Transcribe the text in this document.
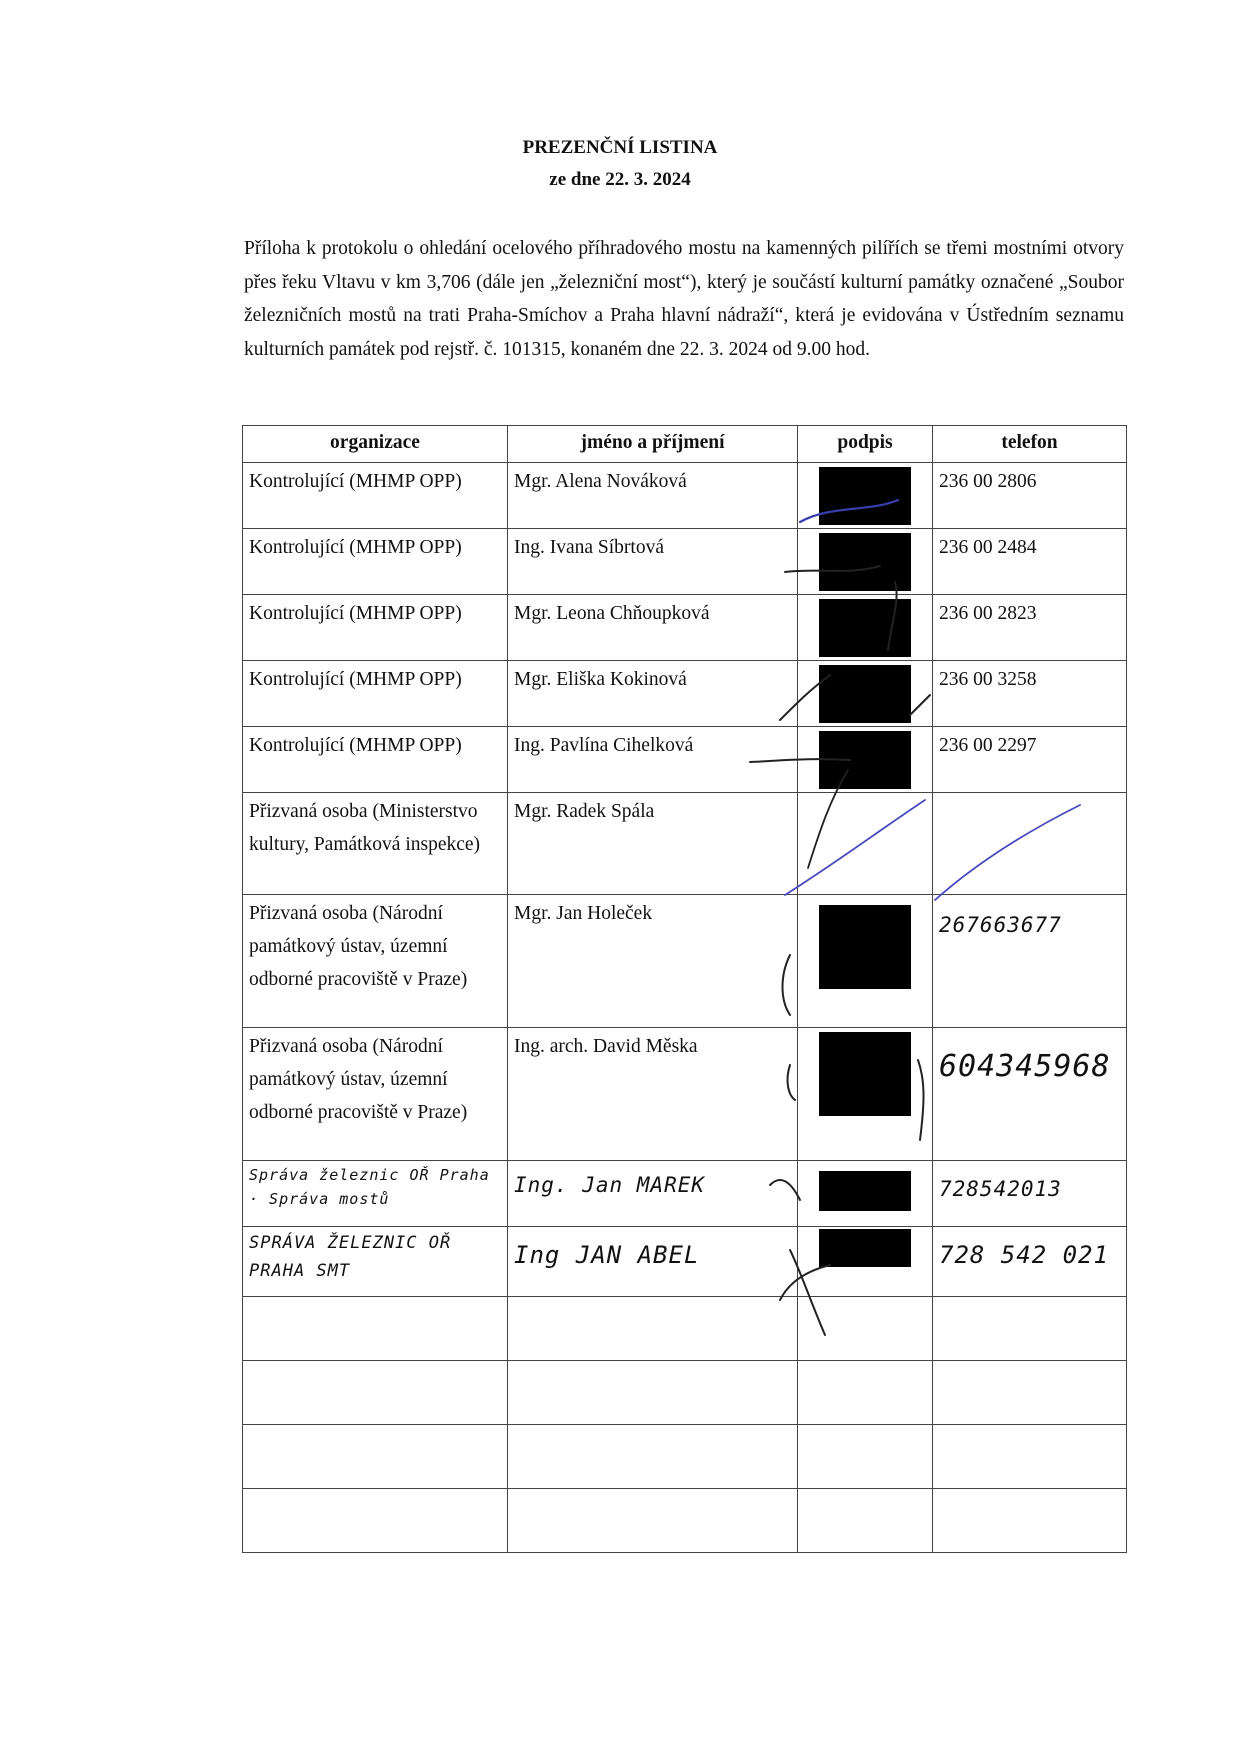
PREZENČNÍ LISTINA
ze dne 22. 3. 2024
Příloha k protokolu o ohledání ocelového příhradového mostu na kamenných pilířích se třemi mostními otvory přes řeku Vltavu v km 3,706 (dále jen „železniční most“), který je součástí kulturní památky označené „Soubor železničních mostů na trati Praha-Smíchov a Praha hlavní nádraží“, která je evidována v Ústředním seznamu kulturních památek pod rejstř. č. 101315, konaném dne 22. 3. 2024 od 9.00 hod.
organizace	jméno a příjmení	podpis	telefon
Kontrolující (MHMP OPP)	Mgr. Alena Nováková		236 00 2806
Kontrolující (MHMP OPP)	Ing. Ivana Síbrtová		236 00 2484
Kontrolující (MHMP OPP)	Mgr. Leona Chňoupková		236 00 2823
Kontrolující (MHMP OPP)	Mgr. Eliška Kokinová		236 00 3258
Kontrolující (MHMP OPP)	Ing. Pavlína Cihelková		236 00 2297
Přizvaná osoba (Ministerstvo kultury, Památková inspekce)	Mgr. Radek Spála		
Přizvaná osoba (Národní památkový ústav, územní odborné pracoviště v Praze)	Mgr. Jan Holeček		267663677
Přizvaná osoba (Národní památkový ústav, územní odborné pracoviště v Praze)	Ing. arch. David Měska		604345968
Správa železnic OŘ Praha · Správa mostů	Ing. Jan MAREK		728542013
SPRÁVA ŽELEZNIC OŘ PRAHA SMT	Ing JAN ABEL		728 542 021
